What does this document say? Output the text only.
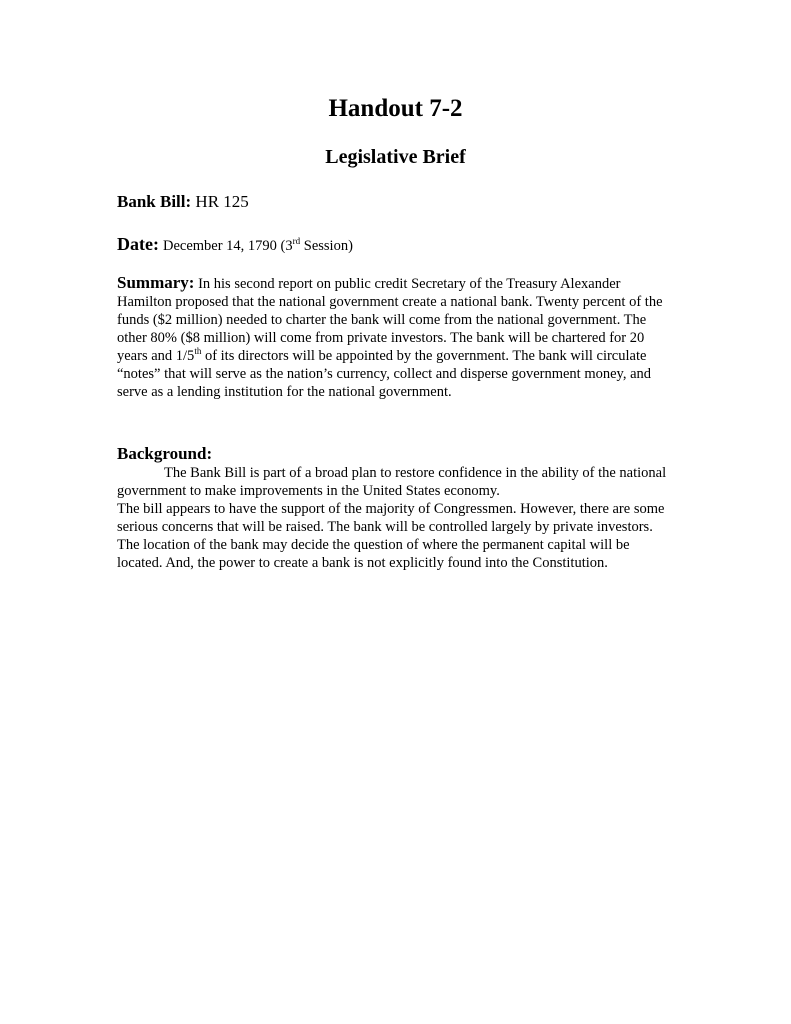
Handout 7-2
Legislative Brief

Bank Bill: HR 125

Date: December 14, 1790 (3rd Session)

Summary: In his second report on public credit Secretary of the Treasury Alexander Hamilton proposed that the national government create a national bank. Twenty percent of the funds ($2 million) needed to charter the bank will come from the national government. The other 80% ($8 million) will come from private investors. The bank will be chartered for 20 years and 1/5th of its directors will be appointed by the government. The bank will circulate “notes” that will serve as the nation’s currency, collect and disperse government money, and serve as a lending institution for the national government.

Background:

The Bank Bill is part of a broad plan to restore confidence in the ability of the national government to make improvements in the United States economy.
The bill appears to have the support of the majority of Congressmen. However, there are some serious concerns that will be raised. The bank will be controlled largely by private investors. The location of the bank may decide the question of where the permanent capital will be located. And, the power to create a bank is not explicitly found into the Constitution.
